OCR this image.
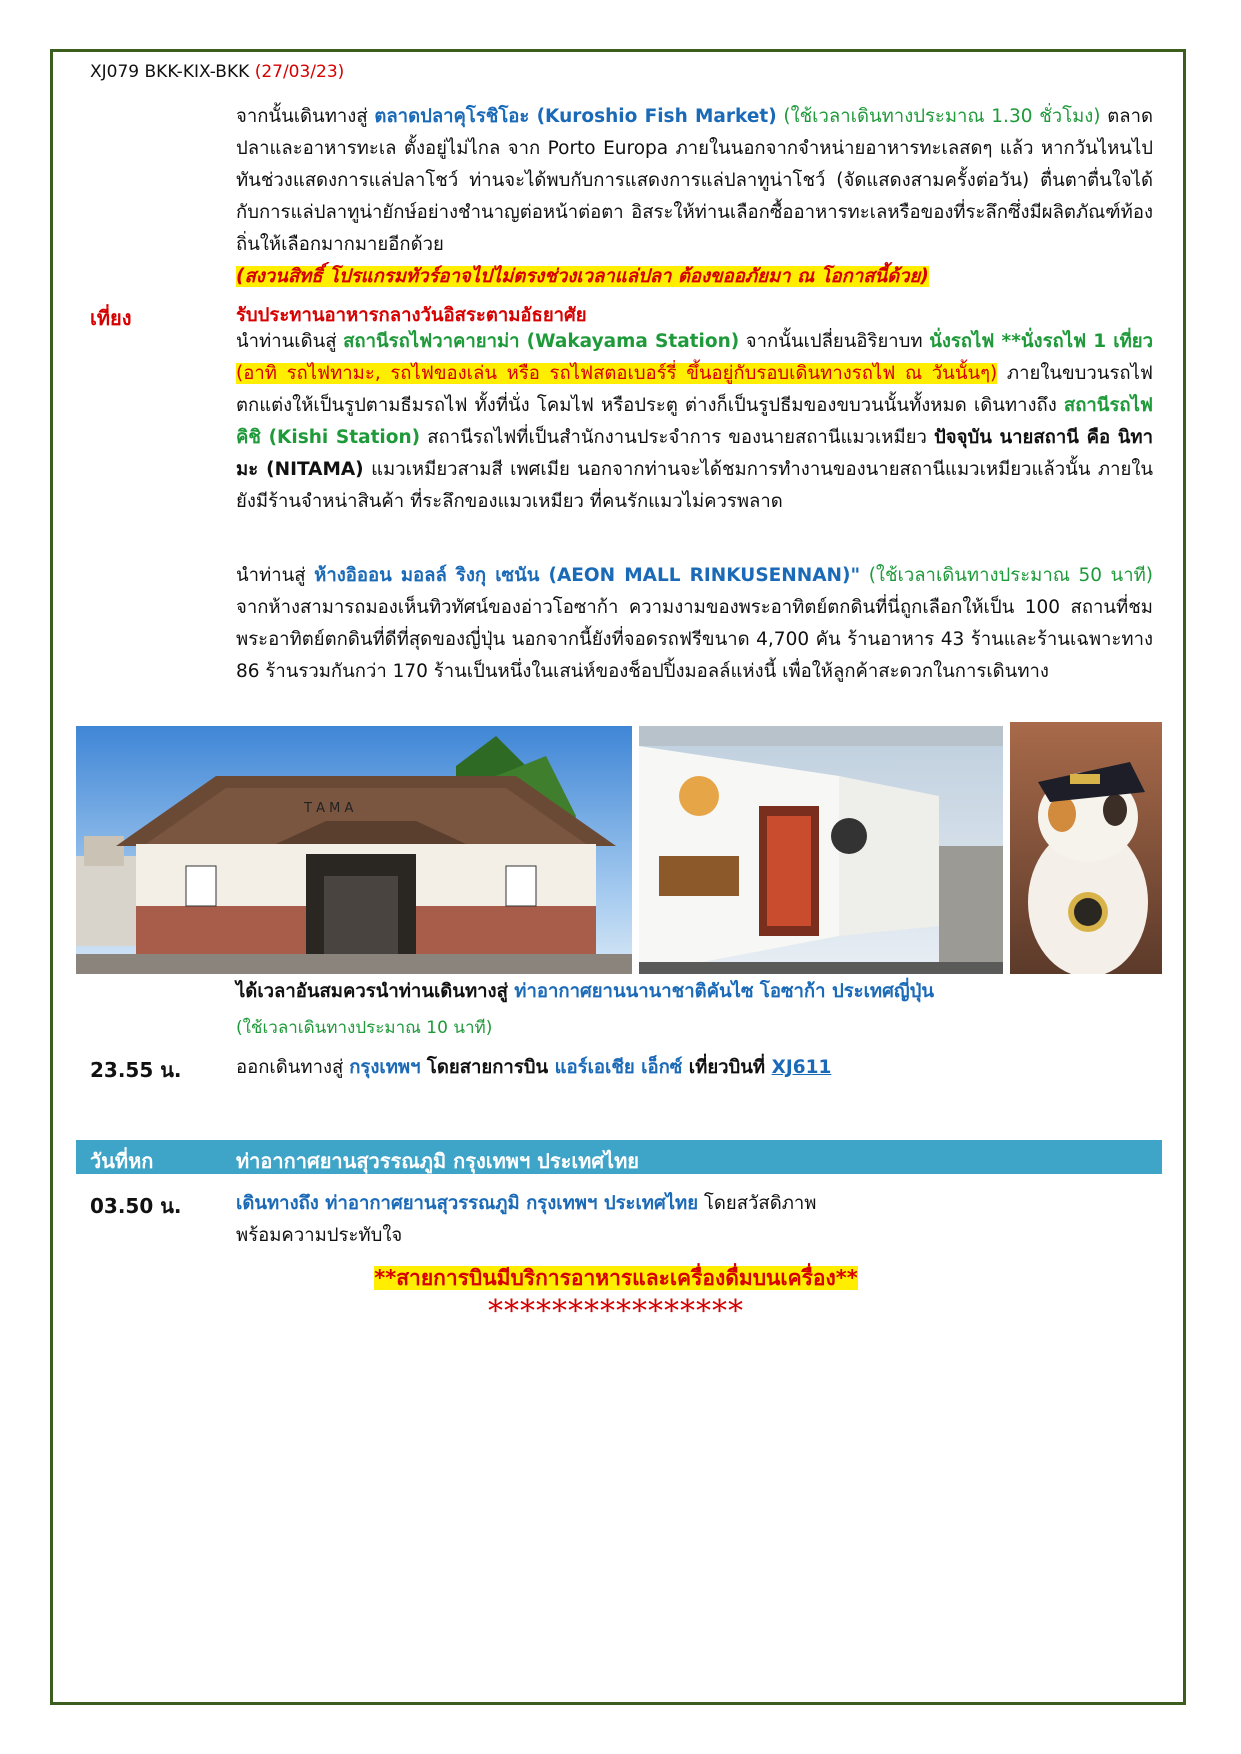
XJ079 BKK-KIX-BKK (27/03/23)
จากนั้นเดินทางสู่ ตลาดปลาคุโรชิโอะ (Kuroshio Fish Market) (ใช้เวลาเดินทางประมาณ 1.30 ชั่วโมง) ตลาดปลาและอาหารทะเล ตั้งอยู่ไม่ไกล จาก Porto Europa ภายในนอกจากจำหน่ายอาหารทะเลสดๆ แล้ว หากวันไหนไปทันช่วงแสดงการแล่ปลาโชว์ ท่านจะได้พบกับการแสดงการแล่ปลาทูน่าโชว์ (จัดแสดงสามครั้งต่อวัน) ตื่นตาตื่นใจได้กับการแล่ปลาทูน่ายักษ์อย่างชำนาญต่อหน้าต่อตา อิสระให้ท่านเลือกซื้ออาหารทะเลหรือของที่ระลึกซึ่งมีผลิตภัณฑ์ท้องถิ่นให้เลือกมากมายอีกด้วย
(สงวนสิทธิ์ โปรแกรมทัวร์อาจไปไม่ตรงช่วงเวลาแล่ปลา ต้องขออภัยมา ณ โอกาสนี้ด้วย)
เที่ยง	รับประทานอาหารกลางวันอิสระตามอัธยาศัย
นำท่านเดินสู่ สถานีรถไฟวาคายาม่า (Wakayama Station) จากนั้นเปลี่ยนอิริยาบท นั่งรถไฟ **นั่งรถไฟ 1 เที่ยว (อาทิ รถไฟทามะ, รถไฟของเล่น หรือ รถไฟสตอเบอร์รี่ ขึ้นอยู่กับรอบเดินทางรถไฟ ณ วันนั้นๆ) ภายในขบวนรถไฟตกแต่งให้เป็นรูปตามธีมรถไฟ ทั้งที่นั่ง โคมไฟ หรือประตู ต่างก็เป็นรูปธีมของขบวนนั้นทั้งหมด เดินทางถึง สถานีรถไฟคิชิ (Kishi Station) สถานีรถไฟที่เป็นสำนักงานประจำการ ของนายสถานีแมวเหมียว ปัจจุบัน นายสถานี คือ นิทามะ (NITAMA) แมวเหมียวสามสี เพศเมีย นอกจากท่านจะได้ชมการทำงานของนายสถานีแมวเหมียวแล้วนั้น ภายในยังมีร้านจำหน่าสินค้า ที่ระลึกของแมวเหมียว ที่คนรักแมวไม่ควรพลาด
นำท่านสู่ ห้างอิออน มอลล์ ริงกุ เซนัน (AEON MALL RINKUSENNAN)" (ใช้เวลาเดินทางประมาณ 50 นาที) จากห้างสามารถมองเห็นทิวทัศน์ของอ่าวโอซาก้า ความงามของพระอาทิตย์ตกดินที่นี่ถูกเลือกให้เป็น 100 สถานที่ชมพระอาทิตย์ตกดินที่ดีที่สุดของญี่ปุ่น นอกจากนี้ยังที่จอดรถฟรีขนาด 4,700 คัน ร้านอาหาร 43 ร้านและร้านเฉพาะทาง 86 ร้านรวมกันกว่า 170 ร้านเป็นหนึ่งในเสน่ห์ของช็อปปิ้งมอลล์แห่งนี้ เพื่อให้ลูกค้าสะดวกในการเดินทาง
T A M A
ได้เวลาอันสมควรนำท่านเดินทางสู่ ท่าอากาศยานนานาชาติคันไซ โอซาก้า ประเทศญี่ปุ่น
(ใช้เวลาเดินทางประมาณ 10 นาที)
23.55 น.	ออกเดินทางสู่ กรุงเทพฯ โดยสายการบิน แอร์เอเชีย เอ็กซ์ เที่ยวบินที่ XJ611
วันที่หก	ท่าอากาศยานสุวรรณภูมิ กรุงเทพฯ ประเทศไทย
03.50 น.	เดินทางถึง ท่าอากาศยานสุวรรณภูมิ กรุงเทพฯ ประเทศไทย โดยสวัสดิภาพ
พร้อมความประทับใจ
**สายการบินมีบริการอาหารและเครื่องดื่มบนเครื่อง**
****************
